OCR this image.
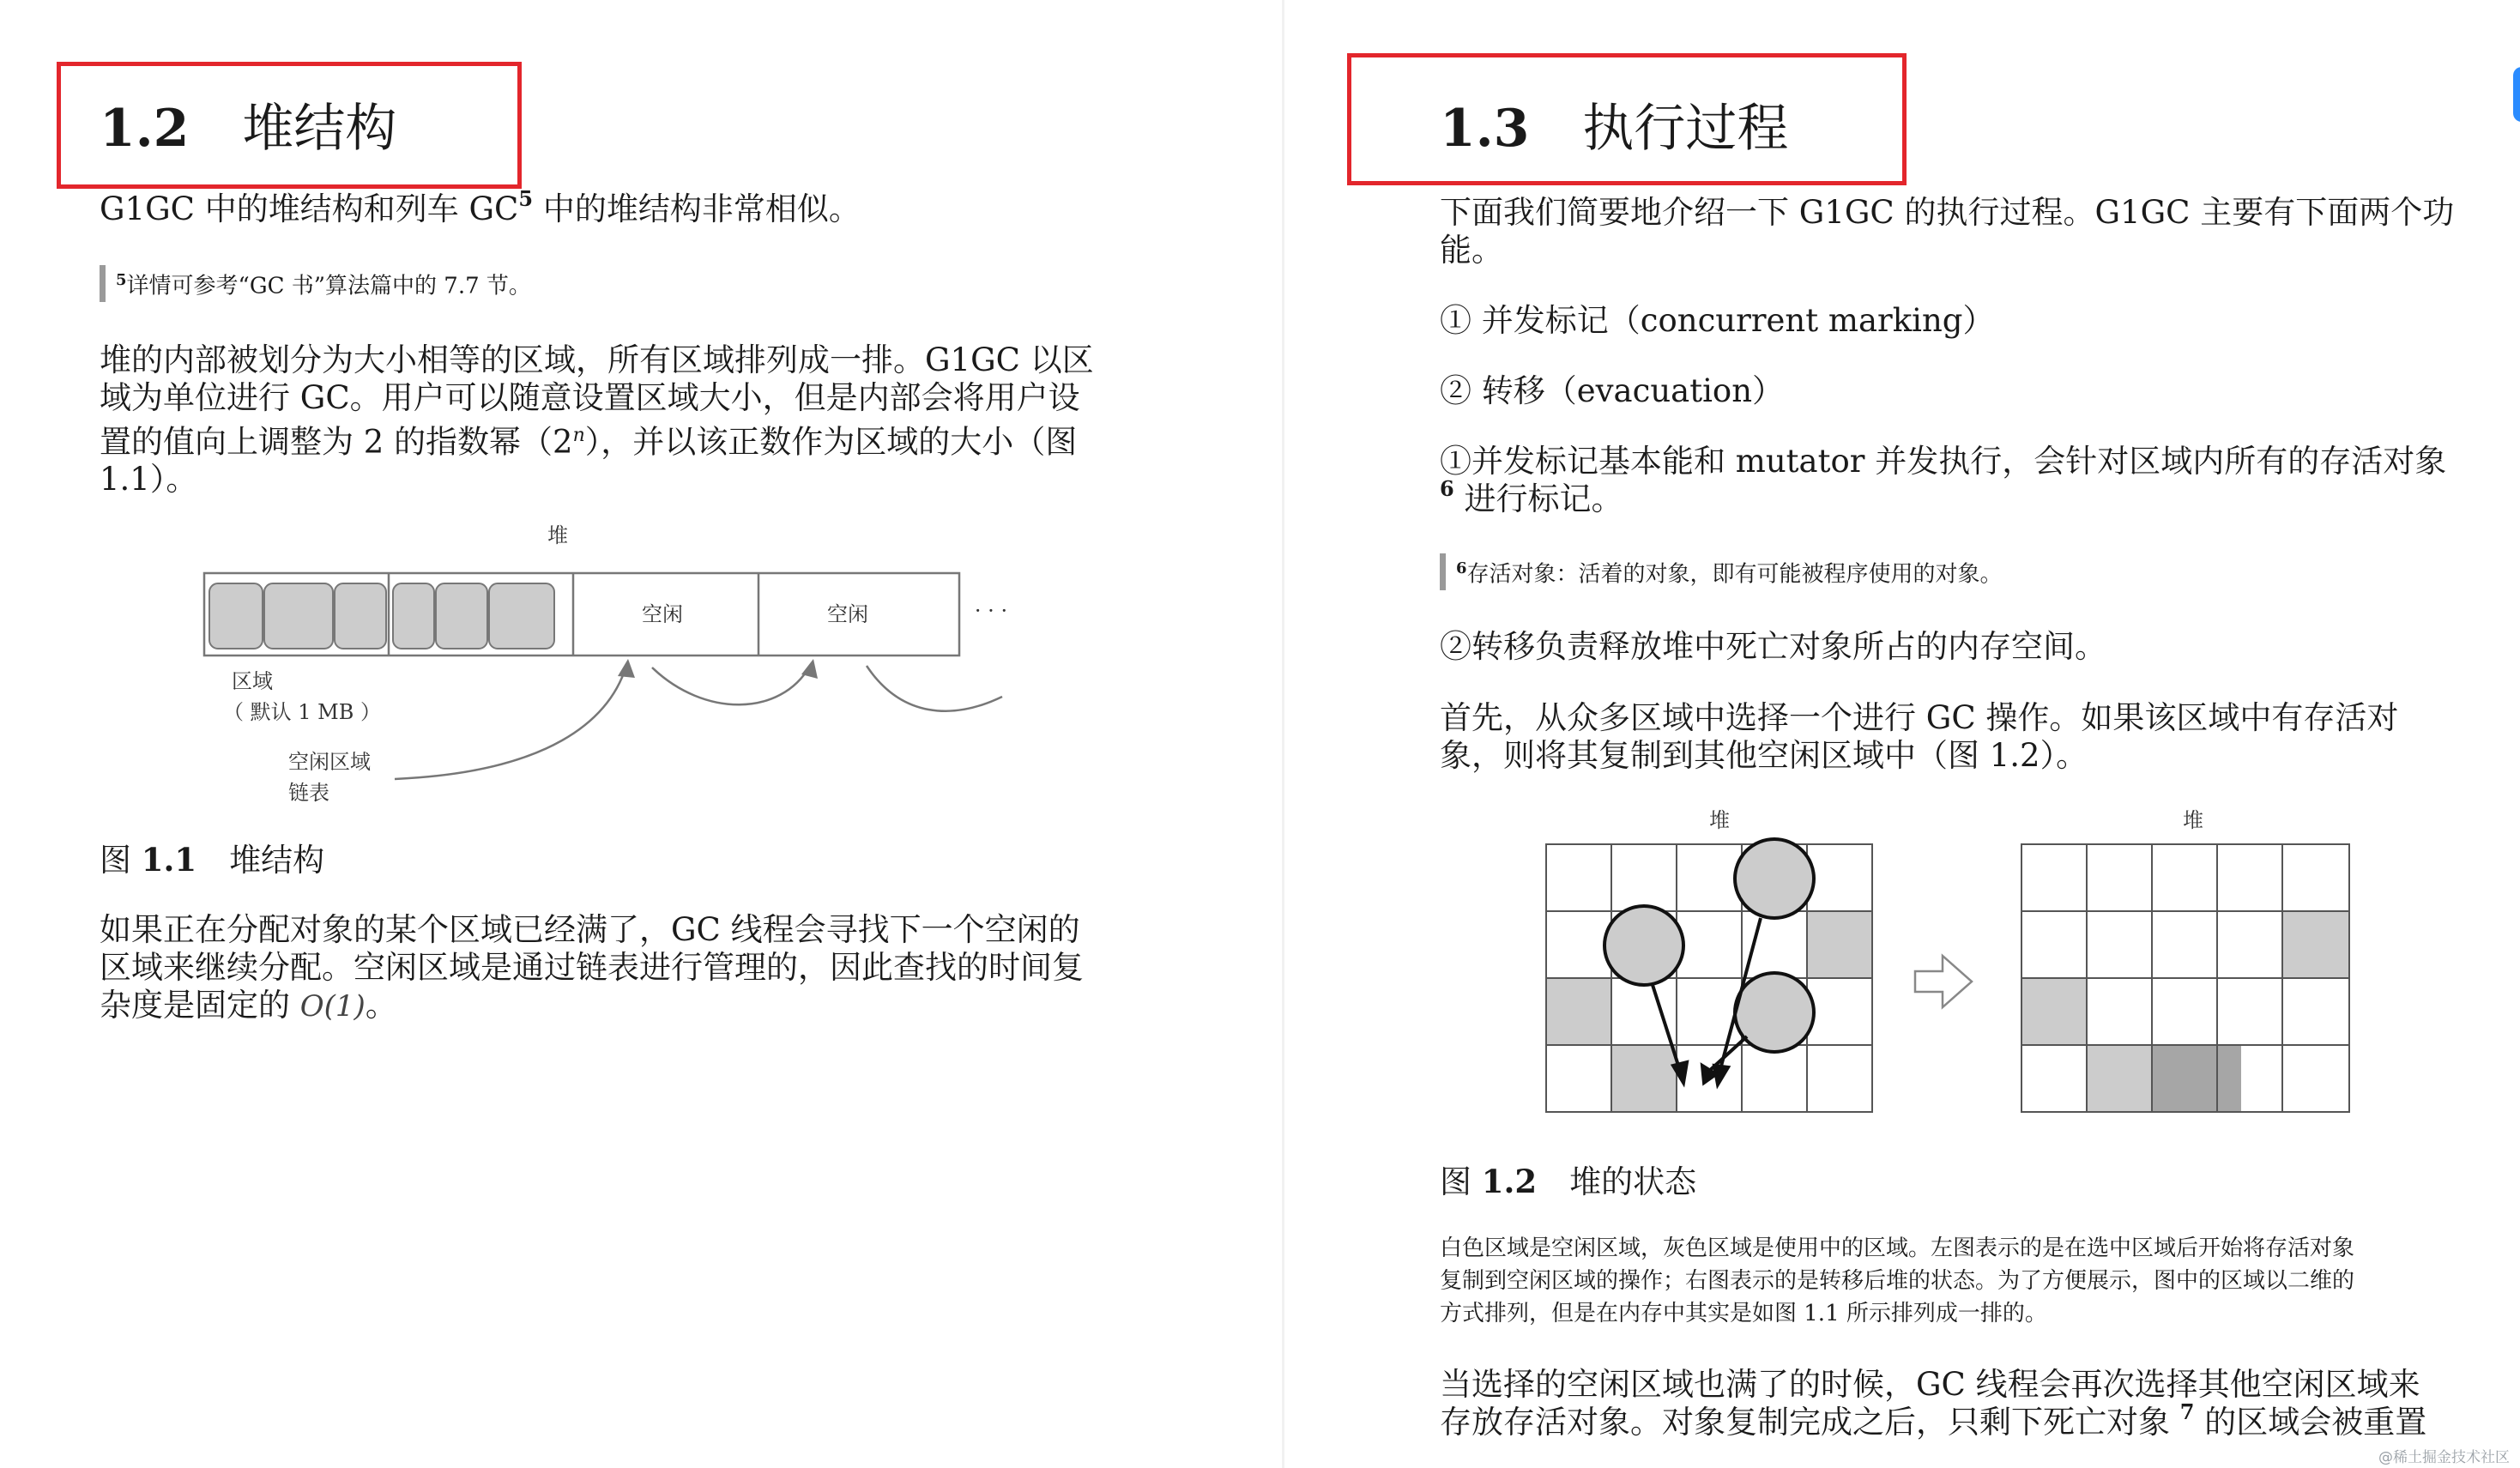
1.2 堆结构

G1GC 中的堆结构和列车 GC$^5$ 中的堆结构非常相似。

$^5$详情可参考“GC 书”算法篇中的 7.7 节。

堆的内部被划分为大小相等的区域，所有区域排列成一排。G1GC 以区
域为单位进行 GC。用户可以随意设置区域大小，但是内部会将用户设
置的值向上调整为 2 的指数幂（2$^n$），并以该正数作为区域的大小（图
1.1）。

堆
空闲	空闲	· · ·
区域
（ 默认 1 MB ）
空闲区域
链表
图 1.1 堆结构

如果正在分配对象的某个区域已经满了，GC 线程会寻找下一个空闲的
区域来继续分配。空闲区域是通过链表进行管理的，因此查找的时间复
杂度是固定的 O(1)。

1.3 执行过程

下面我们简要地介绍一下 G1GC 的执行过程。G1GC 主要有下面两个功
能。

① 并发标记（concurrent marking）

② 转移（evacuation）

①并发标记基本能和 mutator 并发执行，会针对区域内所有的存活对象
$^6$ 进行标记。

$^6$存活对象：活着的对象，即有可能被程序使用的对象。

②转移负责释放堆中死亡对象所占的内存空间。

首先，从众多区域中选择一个进行 GC 操作。如果该区域中有存活对
象，则将其复制到其他空闲区域中（图 1.2）。

堆	堆
图 1.2 堆的状态

白色区域是空闲区域，灰色区域是使用中的区域。左图表示的是在选中区域后开始将存活对象
复制到空闲区域的操作；右图表示的是转移后堆的状态。为了方便展示，图中的区域以二维的
方式排列，但是在内存中其实是如图 1.1 所示排列成一排的。

当选择的空闲区域也满了的时候，GC 线程会再次选择其他空闲区域来
存放存活对象。对象复制完成之后，只剩下死亡对象 $^7$ 的区域会被重置

@稀土掘金技术社区
